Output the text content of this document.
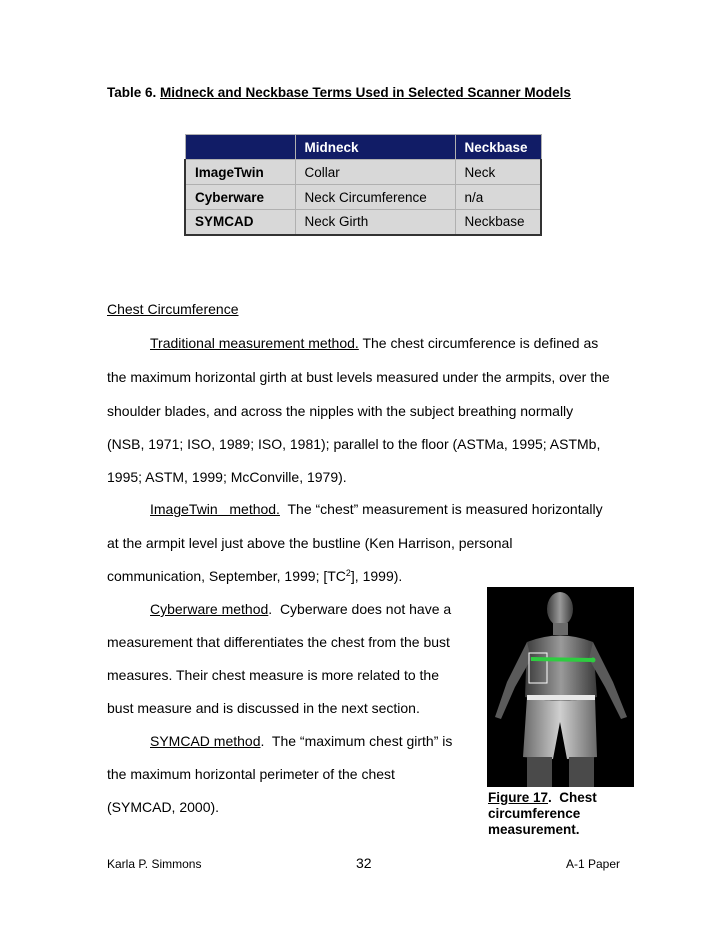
Table 6. Midneck and Neckbase Terms Used in Selected Scanner Models
	Midneck	Neckbase
ImageTwin	Collar	Neck
Cyberware	Neck Circumference	n/a
SYMCAD	Neck Girth	Neckbase
Chest Circumference
Traditional measurement method. The chest circumference is defined as
the maximum horizontal girth at bust levels measured under the armpits, over the
shoulder blades, and across the nipples with the subject breathing normally
(NSB, 1971; ISO, 1989; ISO, 1981); parallel to the floor (ASTMa, 1995; ASTMb,
1995; ASTM, 1999; McConville, 1979).
ImageTwin   method.  The “chest” measurement is measured horizontally
at the armpit level just above the bustline (Ken Harrison, personal
communication, September, 1999; $[TC^2]$, 1999).
Cyberware method.  Cyberware does not have a
measurement that differentiates the chest from the bust
measures. Their chest measure is more related to the
bust measure and is discussed in the next section.
SYMCAD method.  The “maximum chest girth” is
the maximum horizontal perimeter of the chest
(SYMCAD, 2000).
Figure 17.  Chest
circumference
measurement.
Karla P. Simmons	32	A-1 Paper
